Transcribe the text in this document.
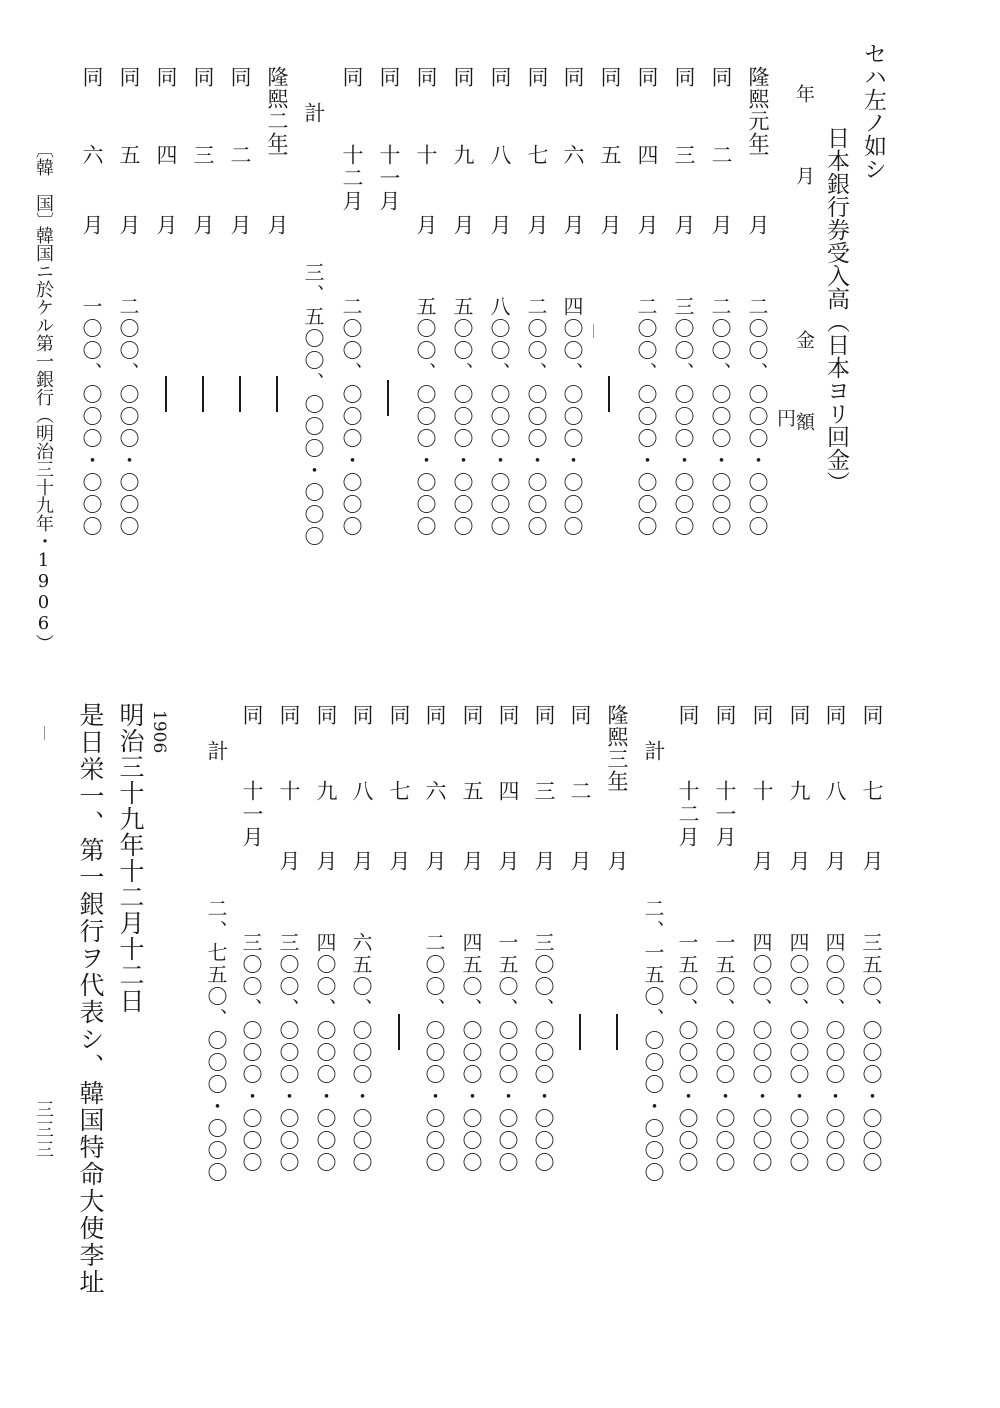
セハ左ノ如シ
日本銀行券受入高（日本ヨリ回金）
年　月
金　額
円
隆熙元年
一　月
二〇〇、〇〇〇・〇〇〇
同
二　月
二〇〇、〇〇〇・〇〇〇
同
三　月
三〇〇、〇〇〇・〇〇〇
同
四　月
二〇〇、〇〇〇・〇〇〇
同
五　月
同
六　月
四〇〇、〇〇〇・〇〇〇
同
七　月
二〇〇、〇〇〇・〇〇〇
同
八　月
八〇〇、〇〇〇・〇〇〇
同
九　月
五〇〇、〇〇〇・〇〇〇
同
十　月
五〇〇、〇〇〇・〇〇〇
同
十一月
同
十二月
二〇〇、〇〇〇・〇〇〇
計
三、五〇〇、〇〇〇・〇〇〇
隆熙二年
一　月
同
二　月
同
三　月
同
四　月
同
五　月
二〇〇、〇〇〇・〇〇〇
同
六　月
一〇〇、〇〇〇・〇〇〇
〔韓　国〕
韓国ニ於ケル第一銀行
（明治三十九年・1906）
同
七　月
三五〇、〇〇〇・〇〇〇
同
八　月
四〇〇、〇〇〇・〇〇〇
同
九　月
四〇〇、〇〇〇・〇〇〇
同
十　月
四〇〇、〇〇〇・〇〇〇
同
十一月
一五〇、〇〇〇・〇〇〇
同
十二月
一五〇、〇〇〇・〇〇〇
計
二、一五〇、〇〇〇・〇〇〇
隆熙三年
一　月
同
二　月
同
三　月
三〇〇、〇〇〇・〇〇〇
同
四　月
一五〇、〇〇〇・〇〇〇
同
五　月
四五〇、〇〇〇・〇〇〇
同
六　月
二〇〇、〇〇〇・〇〇〇
同
七　月
同
八　月
六五〇、〇〇〇・〇〇〇
同
九　月
四〇〇、〇〇〇・〇〇〇
同
十　月
三〇〇、〇〇〇・〇〇〇
同
十一月
三〇〇、〇〇〇・〇〇〇
計
二、七五〇、〇〇〇・〇〇〇
1906
明治三十九年十二月十二日
是日栄一、第一銀行ヲ代表シ、韓国特命大使李址
三三三
